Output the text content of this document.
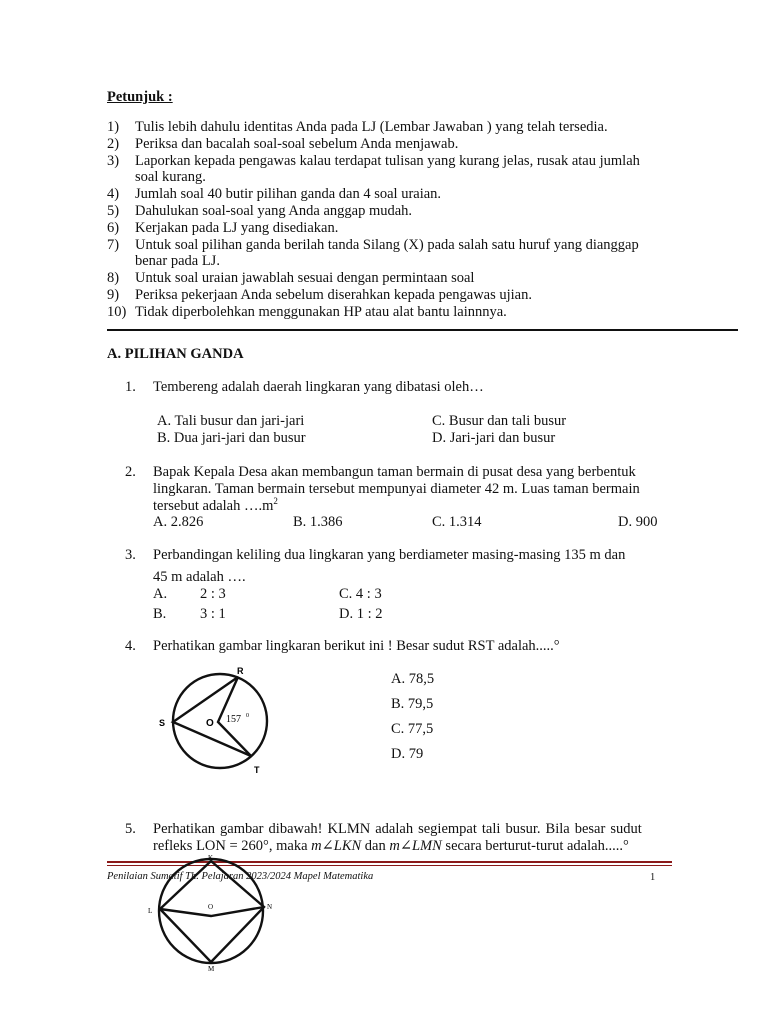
Petunjuk :
1) Tulis lebih dahulu identitas Anda pada LJ (Lembar Jawaban ) yang telah tersedia.
2) Periksa dan bacalah soal-soal sebelum Anda menjawab.
3) Laporkan kepada pengawas kalau terdapat tulisan yang kurang jelas, rusak atau jumlah
soal kurang.
4) Jumlah soal 40 butir pilihan ganda dan 4 soal uraian.
5) Dahulukan soal-soal yang Anda anggap mudah.
6) Kerjakan pada LJ yang disediakan.
7) Untuk soal pilihan ganda berilah tanda Silang (X) pada salah satu huruf yang dianggap
benar pada LJ.
8) Untuk soal uraian jawablah sesuai dengan permintaan soal
9) Periksa pekerjaan Anda sebelum diserahkan kepada pengawas ujian.
10) Tidak diperbolehkan menggunakan HP atau alat bantu lainnnya.
A. PILIHAN GANDA
1. Tembereng adalah daerah lingkaran yang dibatasi oleh…
A. Tali busur dan jari-jari
B. Dua jari-jari dan busur
C. Busur dan tali busur
D. Jari-jari dan busur
2. Bapak Kepala Desa akan membangun taman bermain di pusat desa yang berbentuk
lingkaran. Taman bermain tersebut mempunyai diameter 42 m. Luas taman bermain
tersebut adalah $\dots.m^2$
A. 2.826	B. 1.386	C. 1.314	D. 900
3. Perbandingan keliling dua lingkaran yang berdiameter masing-masing 135 m dan
45 m adalah ….
A. 2 : 3
B. 3 : 1
C. 4 : 3
D. 1 : 2
4. Perhatikan gambar lingkaran berikut ini ! Besar sudut RST adalah.....°
R
S	O 157 0
T
A. 78,5
B. 79,5
C. 77,5
D. 79
5. Perhatikan gambar dibawah! KLMN adalah segiempat tali busur. Bila besar sudut
refleks LON = 260°, maka m∠LKN dan m∠LMN secara berturut-turut adalah.....°
Penilaian Sumatif Th. Pelajaran 2023/2024 Mapel Matematika	1
K
L	O	N
M
